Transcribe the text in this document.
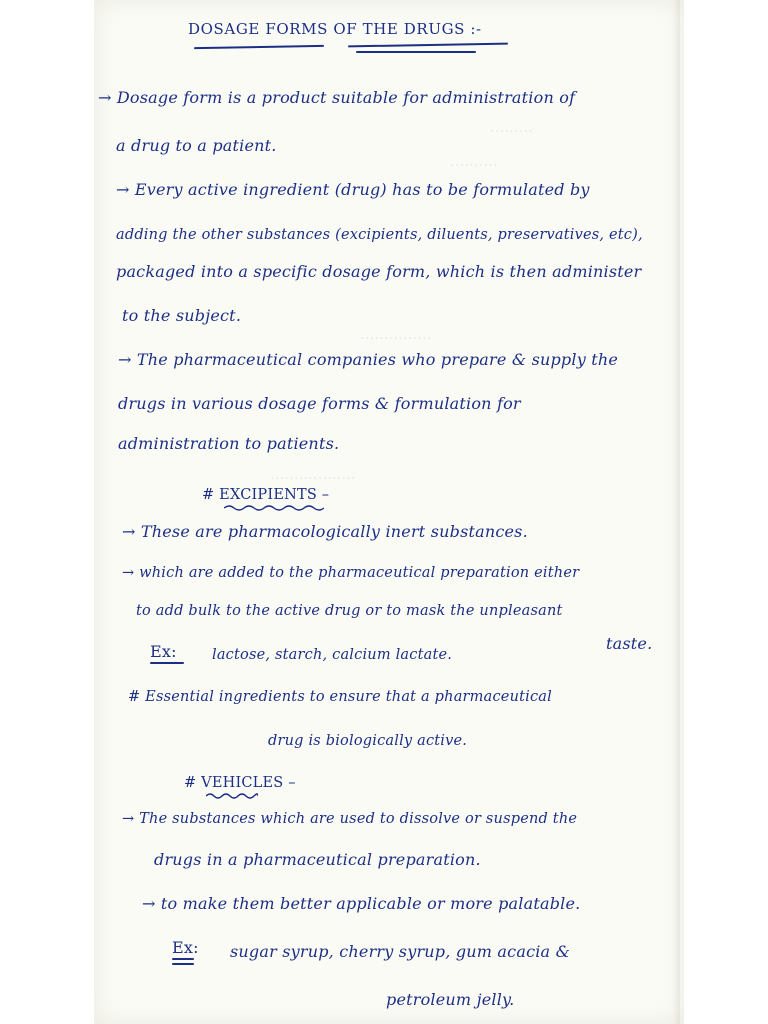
.........
..........
...............
..................
DOSAGE FORMS OF THE DRUGS :-
→ Dosage form is a product suitable for administration of
a drug to a patient.
→ Every active ingredient (drug) has to be formulated by
adding the other substances (excipients, diluents, preservatives, etc),
packaged into a specific dosage form, which is then administer
to the subject.
→ The pharmaceutical companies who prepare & supply the
drugs in various dosage forms & formulation for
administration to patients.
# EXCIPIENTS –
→ These are pharmacologically inert substances.
→ which are added to the pharmaceutical preparation either
to add bulk to the active drug or to mask the unpleasant
taste.
Ex: lactose, starch, calcium lactate.
# Essential ingredients to ensure that a pharmaceutical
drug is biologically active.
# VEHICLES –
→ The substances which are used to dissolve or suspend the
drugs in a pharmaceutical preparation.
→ to make them better applicable or more palatable.
Ex: sugar syrup, cherry syrup, gum acacia &
petroleum jelly.
